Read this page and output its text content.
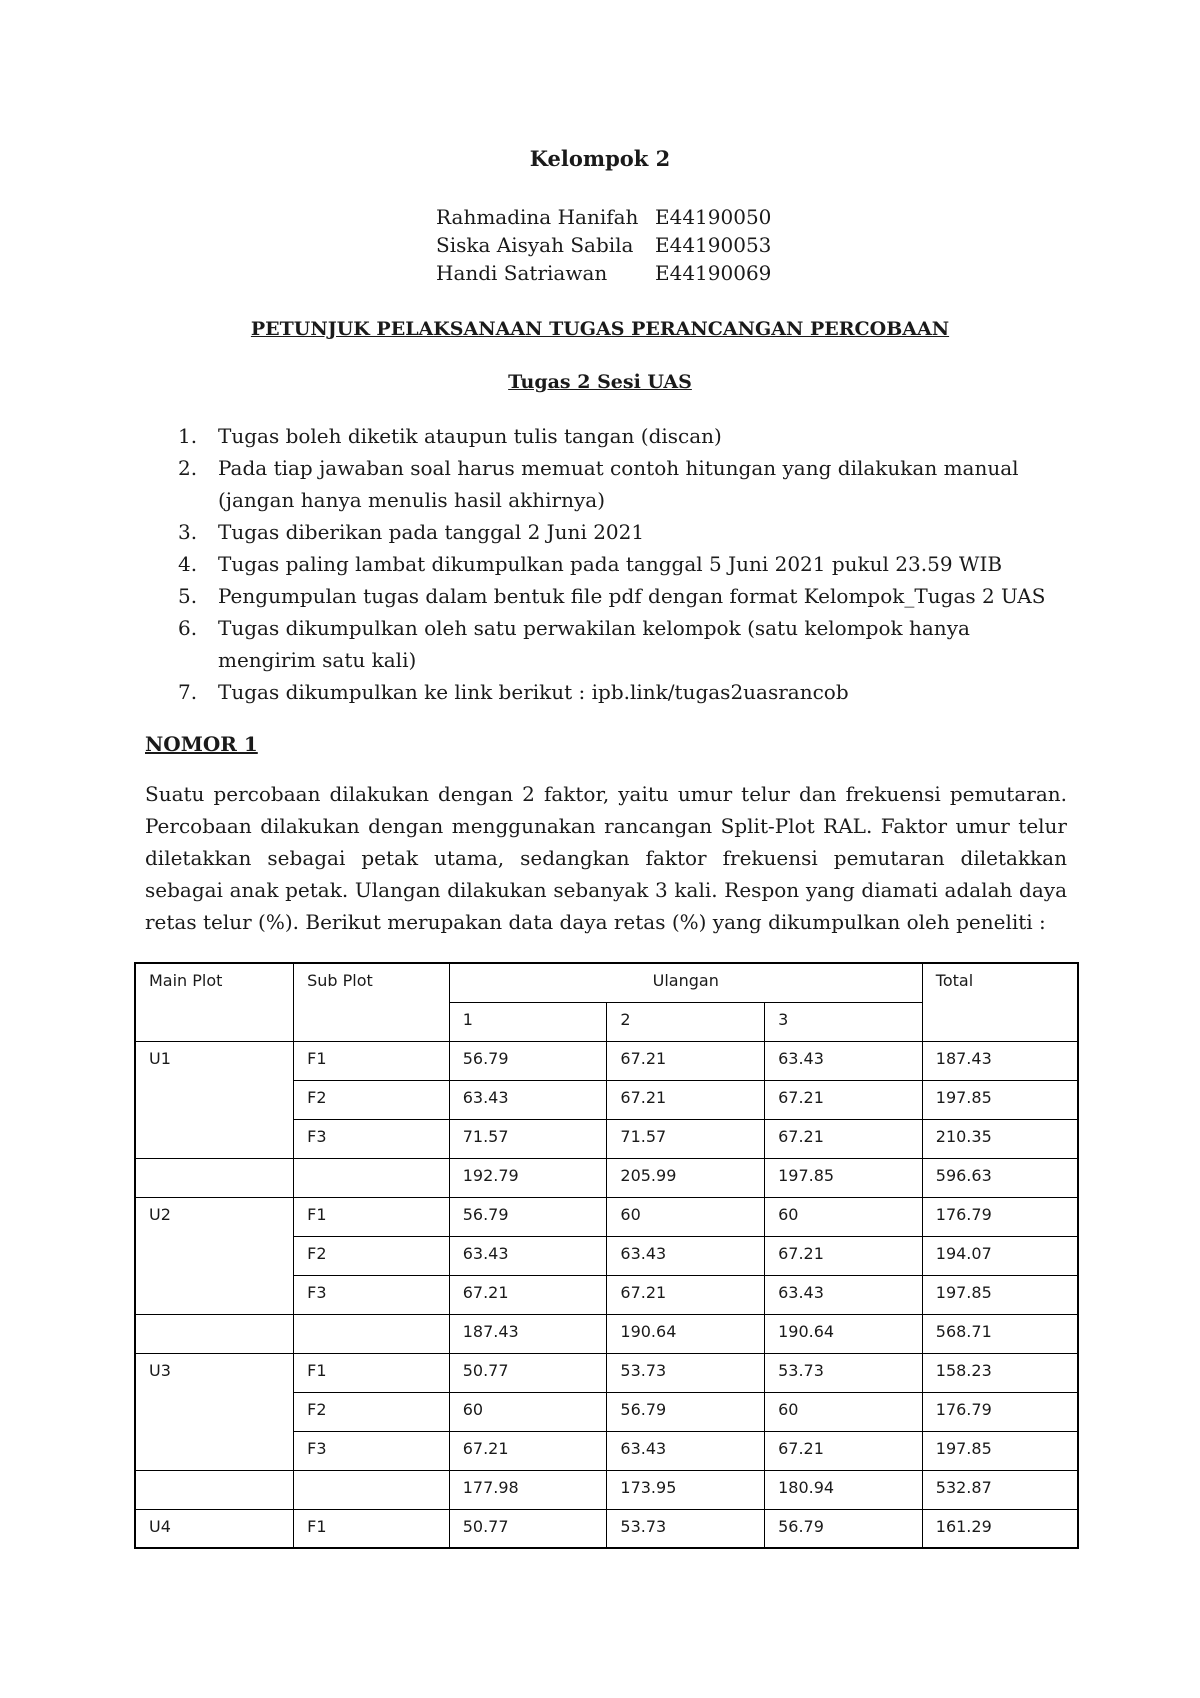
Kelompok 2
Rahmadina Hanifah E44190050
Siska Aisyah Sabila	E44190053
Handi Satriawan	E44190069
PETUNJUK PELAKSANAAN TUGAS PERANCANGAN PERCOBAAN
Tugas 2 Sesi UAS
1. Tugas boleh diketik ataupun tulis tangan (discan)
2. Pada tiap jawaban soal harus memuat contoh hitungan yang dilakukan manual (jangan hanya menulis hasil akhirnya)
3. Tugas diberikan pada tanggal 2 Juni 2021
4. Tugas paling lambat dikumpulkan pada tanggal 5 Juni 2021 pukul 23.59 WIB
5. Pengumpulan tugas dalam bentuk file pdf dengan format Kelompok_Tugas 2 UAS
6. Tugas dikumpulkan oleh satu perwakilan kelompok (satu kelompok hanya mengirim satu kali)
7. Tugas dikumpulkan ke link berikut : ipb.link/tugas2uasrancob
NOMOR 1
Suatu percobaan dilakukan dengan 2 faktor, yaitu umur telur dan frekuensi pemutaran. Percobaan dilakukan dengan menggunakan rancangan Split-Plot RAL. Faktor umur telur diletakkan sebagai petak utama, sedangkan faktor frekuensi pemutaran diletakkan sebagai anak petak. Ulangan dilakukan sebanyak 3 kali. Respon yang diamati adalah daya retas telur (%). Berikut merupakan data daya retas (%) yang dikumpulkan oleh peneliti :
Main Plot	Sub Plot	Ulangan			Total
		1	2	3	
U1	F1	56.79	67.21	63.43	187.43
	F2	63.43	67.21	67.21	197.85
	F3	71.57	71.57	67.21	210.35
		192.79	205.99	197.85	596.63
U2	F1	56.79	60	60	176.79
	F2	63.43	63.43	67.21	194.07
	F3	67.21	67.21	63.43	197.85
		187.43	190.64	190.64	568.71
U3	F1	50.77	53.73	53.73	158.23
	F2	60	56.79	60	176.79
	F3	67.21	63.43	67.21	197.85
		177.98	173.95	180.94	532.87
U4	F1	50.77	53.73	56.79	161.29
